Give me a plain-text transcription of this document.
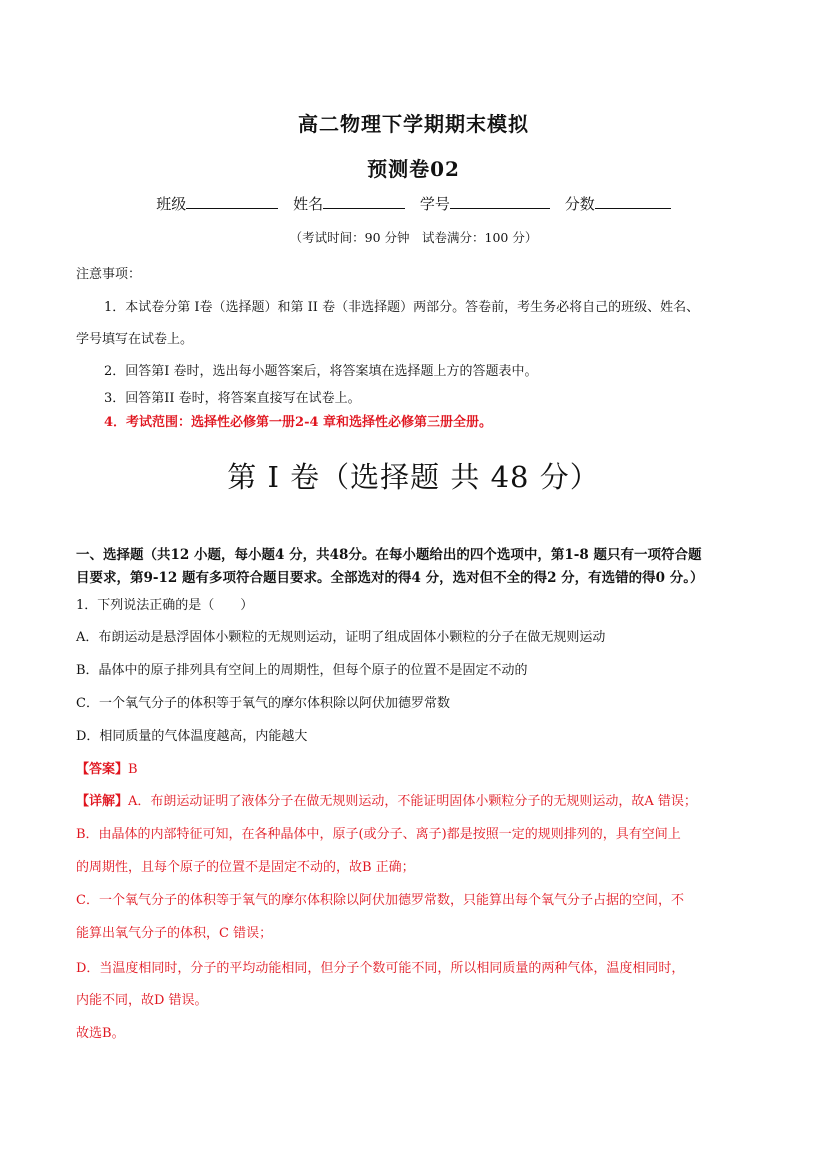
高二物理下学期期末模拟
预测卷02
班级	姓名	学号	分数
（考试时间：90 分钟　试卷满分：100 分）
注意事项：
1．本试卷分第 I卷（选择题）和第 II 卷（非选择题）两部分。答卷前，考生务必将自己的班级、姓名、
学号填写在试卷上。
2．回答第I 卷时，选出每小题答案后，将答案填在选择题上方的答题表中。
3．回答第II 卷时，将答案直接写在试卷上。
4．考试范围：选择性必修第一册2-4 章和选择性必修第三册全册。
第 I 卷（选择题 共 48 分）
一、选择题（共12 小题，每小题4 分，共48分。在每小题给出的四个选项中，第1-8 题只有一项符合题
目要求，第9-12 题有多项符合题目要求。全部选对的得4 分，选对但不全的得2 分，有选错的得0 分。）
1．下列说法正确的是（　　）
A．布朗运动是悬浮固体小颗粒的无规则运动，证明了组成固体小颗粒的分子在做无规则运动
B．晶体中的原子排列具有空间上的周期性，但每个原子的位置不是固定不动的
C．一个氧气分子的体积等于氧气的摩尔体积除以阿伏加德罗常数
D．相同质量的气体温度越高，内能越大
【答案】B
【详解】A．布朗运动证明了液体分子在做无规则运动，不能证明固体小颗粒分子的无规则运动，故A 错误；
B．由晶体的内部特征可知，在各种晶体中，原子(或分子、离子)都是按照一定的规则排列的，具有空间上
的周期性，且每个原子的位置不是固定不动的，故B 正确；
C．一个氧气分子的体积等于氧气的摩尔体积除以阿伏加德罗常数，只能算出每个氧气分子占据的空间，不
能算出氧气分子的体积，C 错误；
D．当温度相同时，分子的平均动能相同，但分子个数可能不同，所以相同质量的两种气体，温度相同时，
内能不同，故D 错误。
故选B。
